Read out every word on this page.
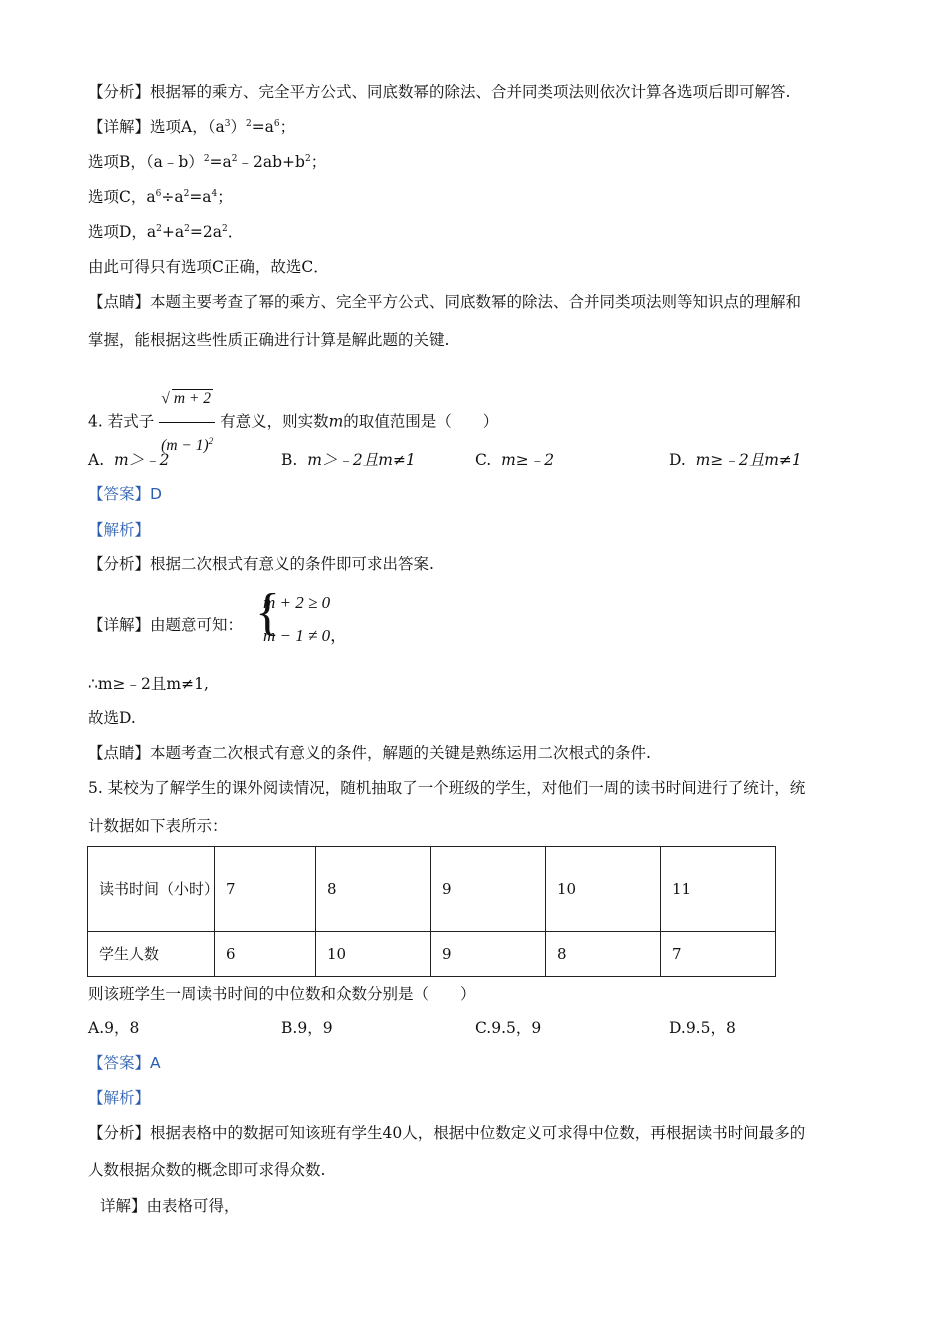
【分析】根据幂的乘方、完全平方公式、同底数幂的除法、合并同类项法则依次计算各选项后即可解答.
【详解】选项A，$(a^3)^2=a^6$；
选项B，$(a﹣b)^2=a^2﹣2ab+b^2$；
选项C，$a^6\div a^2=a^4$；
选项D，$a^2+a^2=2a^2$．
由此可得只有选项C正确，故选C．
【点睛】本题主要考查了幂的乘方、完全平方公式、同底数幂的除法、合并同类项法则等知识点的理解和
掌握，能根据这些性质正确进行计算是解此题的关键.
4. 若式子 $\frac{√ m + 2}{(m - 1)^2}$ 有意义，则实数m的取值范围是（　　）
A. m＞﹣2	B. m＞﹣2且m≠1	C. m≥﹣2	D. m≥﹣2且m≠1
【答案】D
【解析】
【分析】根据二次根式有意义的条件即可求出答案.
【详解】由题意可知： {
m + 2 ≥ 0
m − 1 ≠ 0，
∴m≥﹣2且m≠1,
故选D.
【点睛】本题考查二次根式有意义的条件，解题的关键是熟练运用二次根式的条件.
5. 某校为了解学生的课外阅读情况，随机抽取了一个班级的学生，对他们一周的读书时间进行了统计，统
计数据如下表所示：
读书时间（小时）	7	8	9	10	11
学生人数	6	10	9	8	7
则该班学生一周读书时间的中位数和众数分别是（　　）
A.9，8	B.9，9	C.9.5，9	D.9.5，8
【答案】A
【解析】
【分析】根据表格中的数据可知该班有学生40人，根据中位数定义可求得中位数，再根据读书时间最多的
人数根据众数的概念即可求得众数.
详解】由表格可得，
